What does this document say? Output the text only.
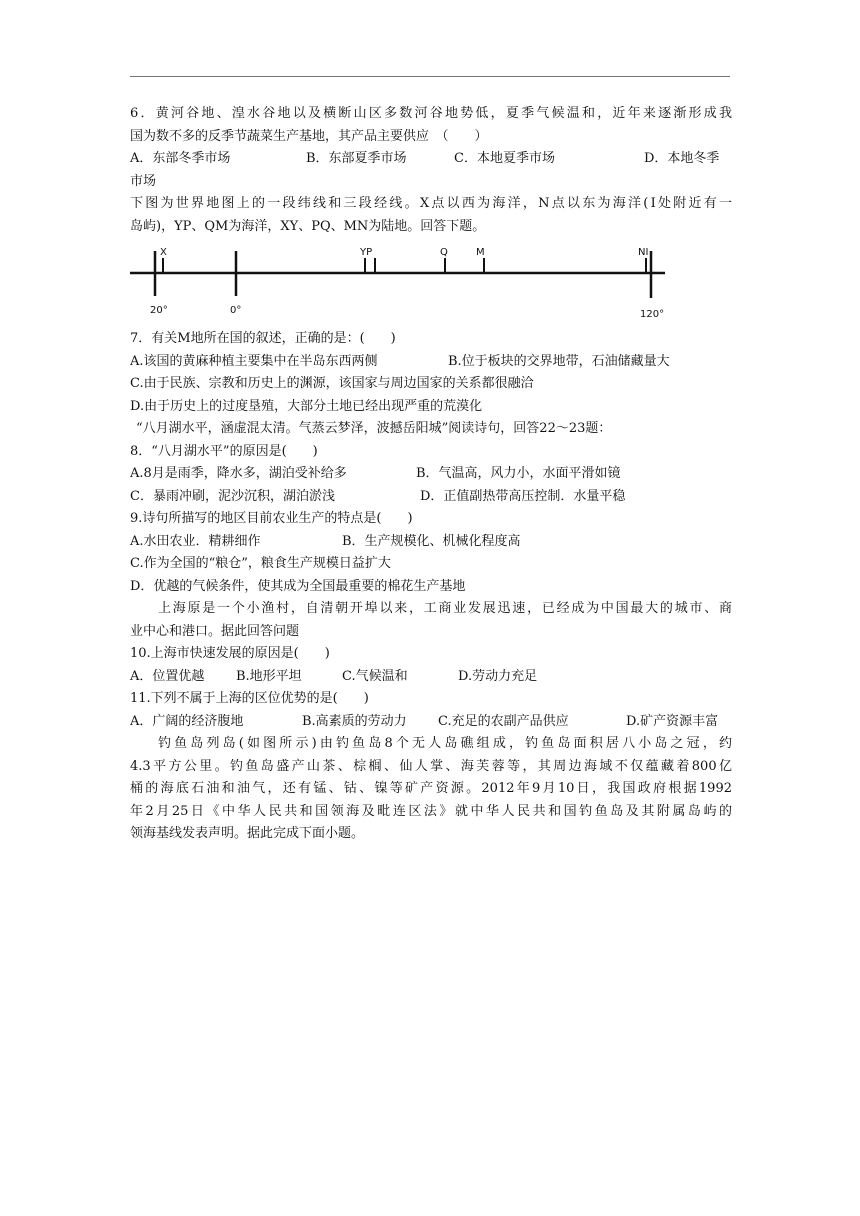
6．黄河谷地、湟水谷地以及横断山区多数河谷地势低，夏季气候温和，近年来逐渐形成我
国为数不多的反季节蔬菜生产基地，其产品主要供应　（　　）
A．东部冬季市场	B．东部夏季市场	C．本地夏季市场	D．本地冬季
市场
下图为世界地图上的一段纬线和三段经线。X点以西为海洋，N点以东为海洋(Ⅰ处附近有一
岛屿)，YP、QM为海洋，XY、PQ、MN为陆地。回答下题。
X	YP	Q	M	NⅠ
20°	0°	120°
7．有关M地所在国的叙述，正确的是：(　　)
A.该国的黄麻种植主要集中在半岛东西两侧	B.位于板块的交界地带，石油储藏量大
C.由于民族、宗教和历史上的渊源，该国家与周边国家的关系都很融洽
D.由于历史上的过度垦殖，大部分土地已经出现严重的荒漠化
“八月湖水平，涵虚混太清。气蒸云梦泽，波撼岳阳城”阅读诗句，回答22～23题：
8．“八月湖水平”的原因是(　　)
A.8月是雨季，降水多，湖泊受补给多	B．气温高，风力小，水面平滑如镜
C．暴雨冲刷，泥沙沉积，湖泊淤浅	D．正值副热带高压控制．水量平稳
9.诗句所描写的地区目前农业生产的特点是(　　)
A.水田农业．精耕细作	B．生产规模化、机械化程度高
C.作为全国的“粮仓”，粮食生产规模日益扩大
D．优越的气候条件，使其成为全国最重要的棉花生产基地
上海原是一个小渔村，自清朝开埠以来，工商业发展迅速，已经成为中国最大的城市、商
业中心和港口。据此回答问题
10.上海市快速发展的原因是(　　)
A．位置优越 B.地形平坦	C.气候温和	D.劳动力充足
11.下列不属于上海的区位优势的是(　　)
A．广阔的经济腹地	B.高素质的劳动力 C.充足的农副产品供应	D.矿产资源丰富
钓鱼岛列岛(如图所示)由钓鱼岛8个无人岛礁组成，钓鱼岛面积居八小岛之冠，约
4.3平方公里。钓鱼岛盛产山茶、棕榈、仙人掌、海芙蓉等，其周边海域不仅蕴藏着800亿
桶的海底石油和油气，还有锰、钴、镍等矿产资源。2012年9月10日，我国政府根据1992
年2月25日《中华人民共和国领海及毗连区法》就中华人民共和国钓鱼岛及其附属岛屿的
领海基线发表声明。据此完成下面小题。
